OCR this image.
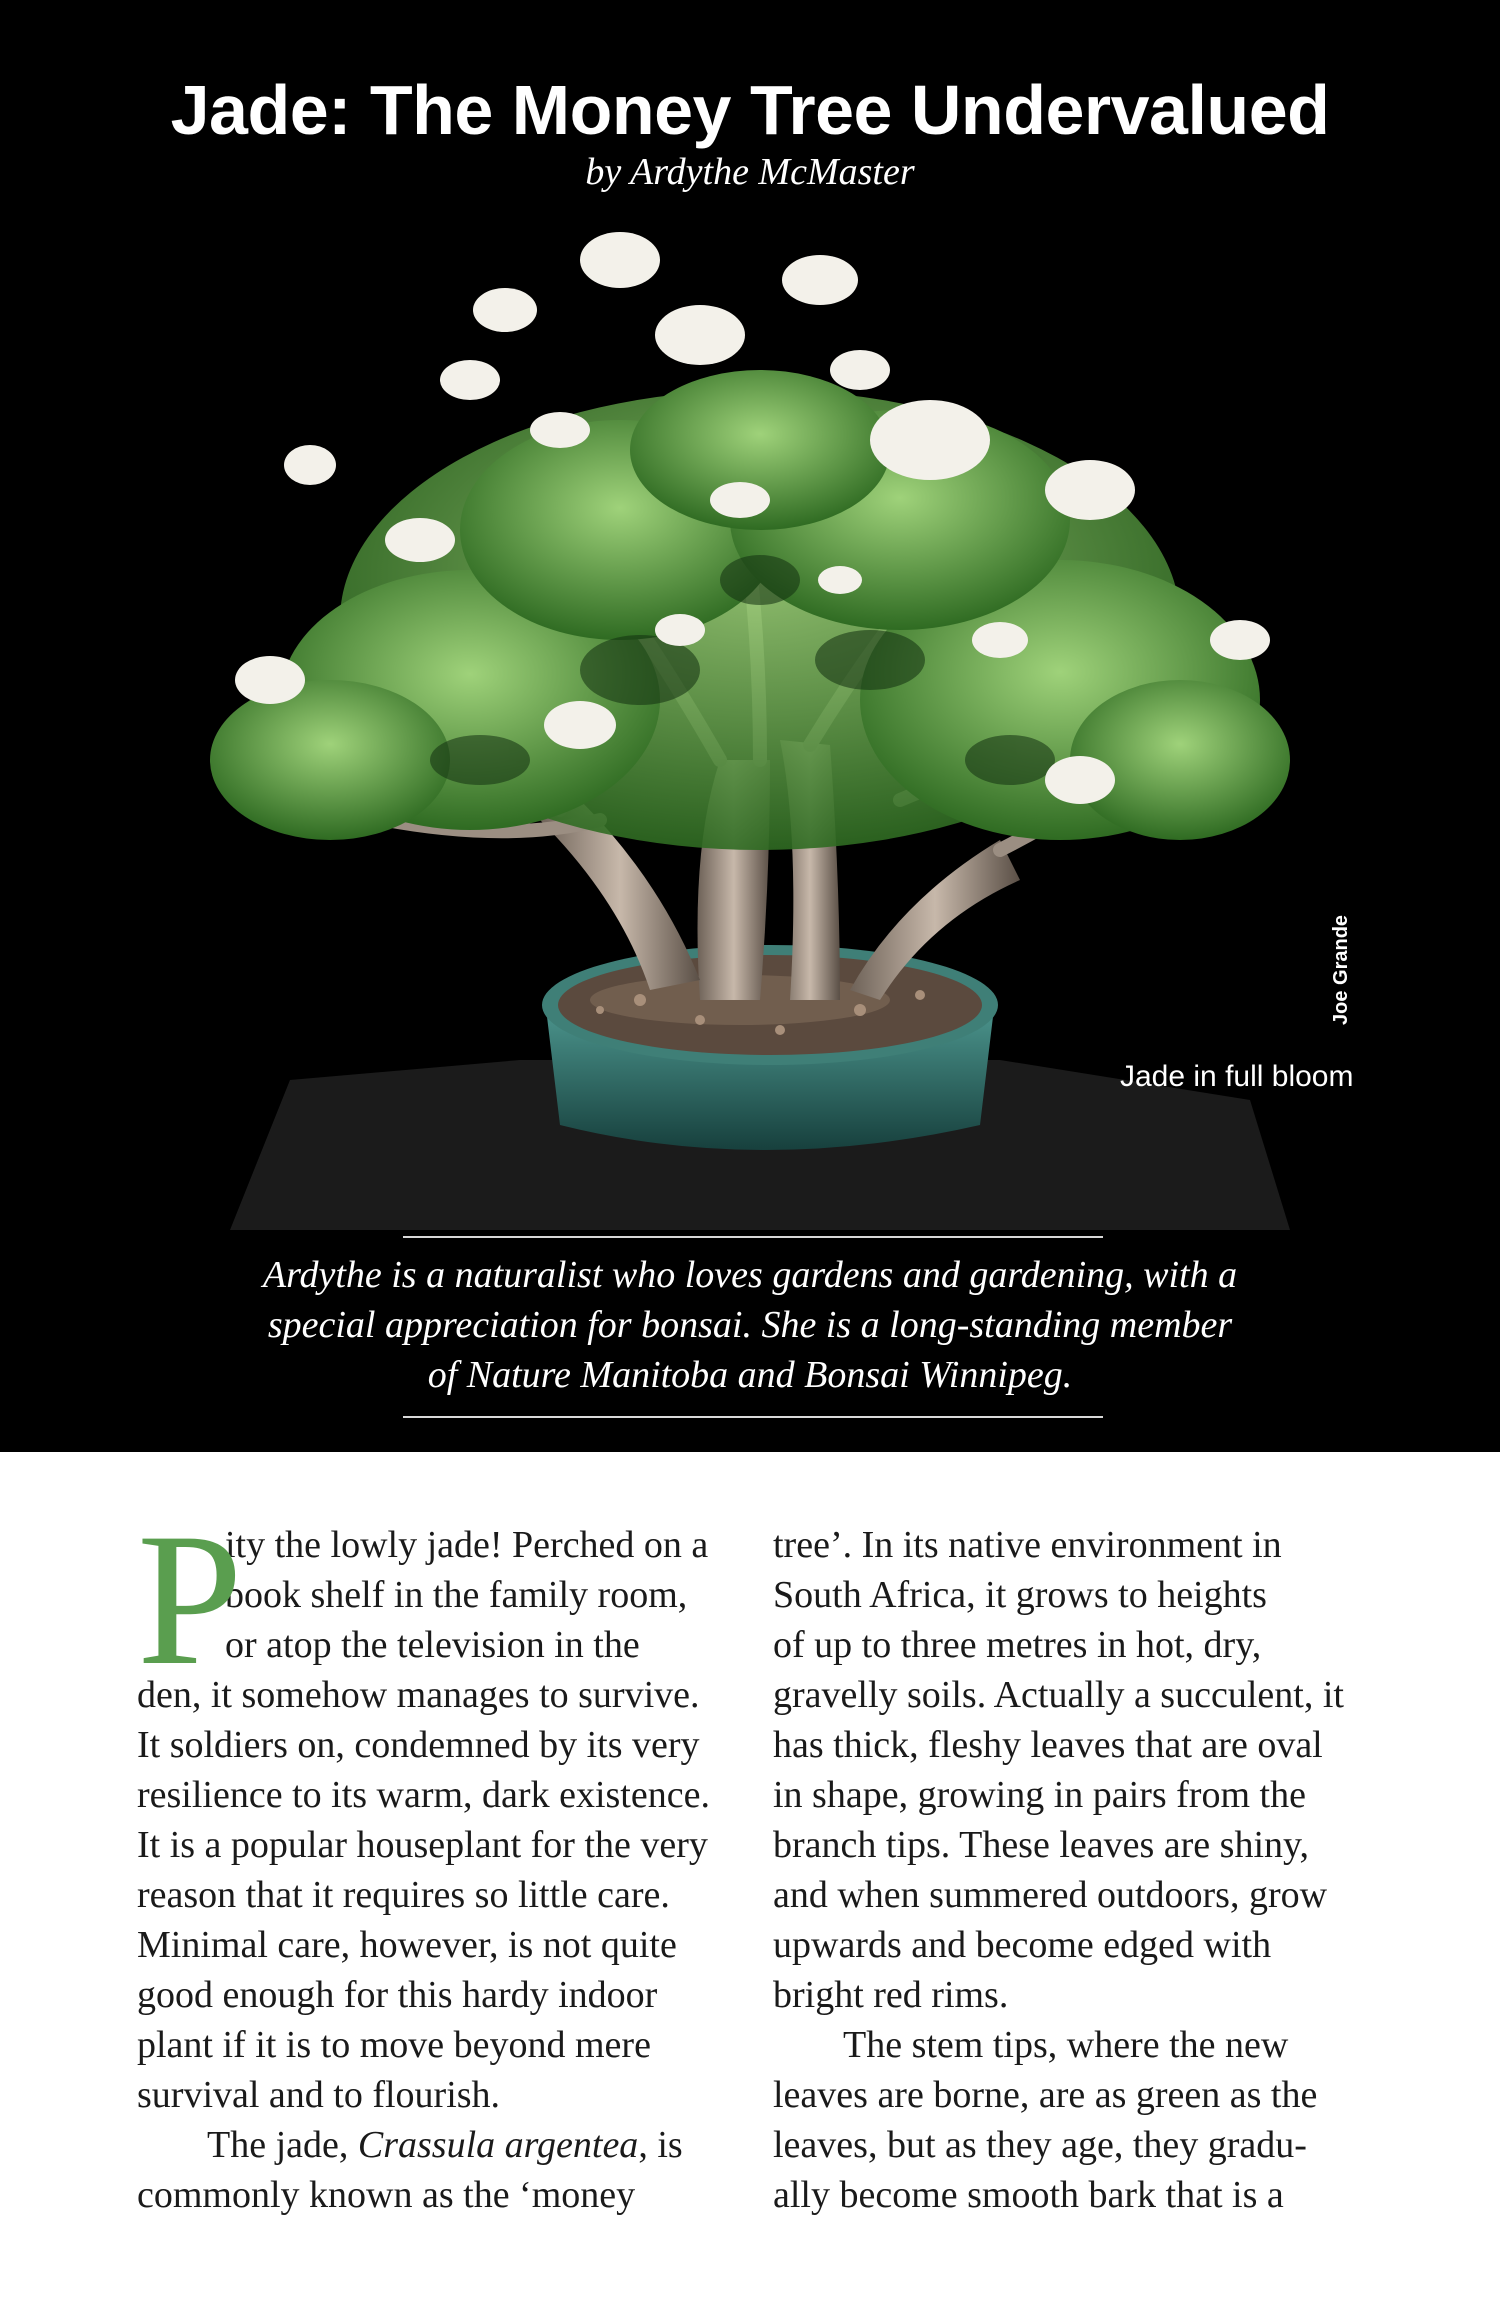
Jade: The Money Tree Undervalued
by Ardythe McMaster
Joe Grande
Jade in full bloom
Ardythe is a naturalist who loves gardens and gardening, with a
special appreciation for bonsai. She is a long-standing member
of Nature Manitoba and Bonsai Winnipeg.
P
ity the lowly jade! Perched on a
book shelf in the family room,
or atop the television in the
den, it somehow manages to survive.
It soldiers on, condemned by its very
resilience to its warm, dark existence.
It is a popular houseplant for the very
reason that it requires so little care.
Minimal care, however, is not quite
good enough for this hardy indoor
plant if it is to move beyond mere
survival and to flourish.
The jade, Crassula argentea, is
commonly known as the ‘money
tree’. In its native environment in
South Africa, it grows to heights
of up to three metres in hot, dry,
gravelly soils. Actually a succulent, it
has thick, fleshy leaves that are oval
in shape, growing in pairs from the
branch tips. These leaves are shiny,
and when summered outdoors, grow
upwards and become edged with
bright red rims.
The stem tips, where the new
leaves are borne, are as green as the
leaves, but as they age, they gradu-
ally become smooth bark that is a
